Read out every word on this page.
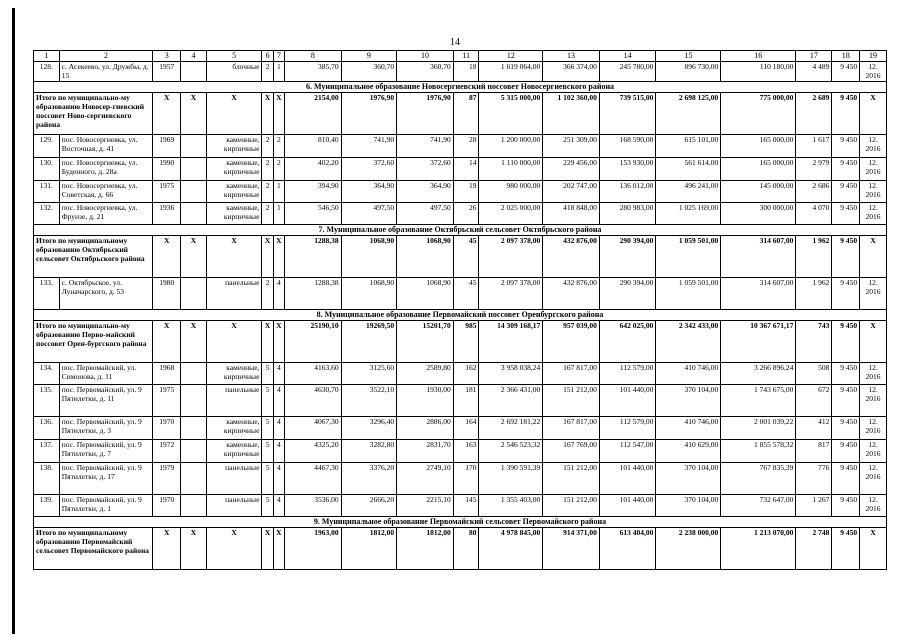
14
1	2	3	4	5	6	7	8	9	10	11	12	13	14	15	16	17	18	19
128.	с. Асекеево, ул. Дружбы, д. 15	1957		блочные	2	1	385,70	360,70	360,70	18	1 619 064,00	366 374,00	245 780,00	896 730,00	110 180,00	4 489	9 450	12. 2016
6. Муниципальное образование Новосергиевский поссовет Новосергиевского района																		
Итого по муниципально-му образованию Новосер-гиевский поссовет Ново-сергиевского района		Х	Х	Х	Х	Х	2154,00	1976,90	1976,90	87	5 315 000,00	1 102 360,00	739 515,00	2 698 125,00	775 000,00	2 689	9 450	Х
129.	пос. Новосергиевка, ул. Восточная, д. 41	1969		каменные, кирпичные	2	2	810,40	741,90	741,90	28	1 200 000,00	251 309,00	168 590,00	615 101,00	165 000,00	1 617	9 450	12. 2016
130.	пос. Новосергиевка, ул. Буденного, д. 28а	1990		каменные, кирпичные	2	2	402,20	372,60	372,60	14	1 110 000,00	229 456,00	153 930,00	561 614,00	165 000,00	2 979	9 450	12. 2016
131.	пос. Новосергиевка, ул. Советская, д. 66	1975		каменные, кирпичные	2	1	394,90	364,90	364,90	19	980 000,00	202 747,00	136 012,00	496 241,00	145 000,00	2 686	9 450	12. 2016
132.	пос. Новосергиевка, ул. Фрунзе, д. 21	1936		каменные, кирпичные	2	1	546,50	497,50	497,50	26	2 025 000,00	418 848,00	280 983,00	1 025 169,00	300 000,00	4 070	9 450	12. 2016
7. Муниципальное образование Октябрьский сельсовет Октябрьского района																		
Итого по муниципальному образованию Октябрьский сельсовет Октябрьского района		Х	Х	Х	Х	Х	1288,38	1068,90	1068,90	45	2 097 378,00	432 876,00	290 394,00	1 059 501,00	314 607,00	1 962	9 450	Х
133.	с. Октябрьское, ул. Луначарского, д. 53	1980		панельные	2	4	1288,38	1068,90	1068,90	45	2 097 378,00	432 876,00	290 394,00	1 059 501,00	314 607,00	1 962	9 450	12. 2016
8. Муниципальное образование Первомайский поссовет Оренбургского района																		
Итого по муниципально-му образованию Перво-майский поссовет Орен-бургского района		Х	Х	Х	Х	Х	25190,10	19269,50	15201,70	985	14 309 168,17	957 039,00	642 025,00	2 342 433,00	10 367 671,17	743	9 450	Х
134.	пос. Первомайский, ул. Симонова, д. 11	1968		каменные, кирпичные	5	4	4163,60	3125,60	2589,80	162	3 958 038,24	167 817,00	112 579,00	410 746,00	3 266 896,24	508	9 450	12. 2016
135.	пос. Первомайский, ул. 9 Пятилетки, д. 11	1975		панельные	5	4	4630,70	3522,10	1930,00	181	2 366 431,00	151 212,00	101 440,00	370 104,00	1 743 675,00	672	9 450	12. 2016
136.	пос. Первомайский, ул. 9 Пятилетки, д. 3	1970		каменные, кирпичные	5	4	4067,30	3296,40	2886,00	164	2 692 181,22	167 817,00	112 579,00	410 746,00	2 001 039,22	412	9 450	12. 2016
137.	пос. Первомайский, ул. 9 Пятилетки, д. 7	1972		каменные, кирпичные	5	4	4325,20	3282,80	2831,70	163	2 546 523,32	167 769,00	112 547,00	410 629,00	1 855 578,32	817	9 450	12. 2016
138.	пос. Первомайский, ул. 9 Пятилетки, д. 17	1979		панельные	5	4	4467,30	3376,20	2749,10	170	1 390 591,39	151 212,00	101 440,00	370 104,00	767 835,39	776	9 450	12. 2016
139.	пос. Первомайский, ул. 9 Пятилетки, д. 1	1970		панельные	5	4	3536,00	2666,20	2215,10	145	1 355 403,00	151 212,00	101 440,00	370 104,00	732 647,00	1 267	9 450	12. 2016
9. Муниципальное образование Первомайский сельсовет Первомайского района																		
Итого по муниципальному образованию Первомайский сельсовет Первомайского района		Х	Х	Х	Х	Х	1963,00	1812,00	1812,00	80	4 978 845,00	914 371,00	613 404,00	2 238 000,00	1 213 070,00	2 748	9 450	Х
